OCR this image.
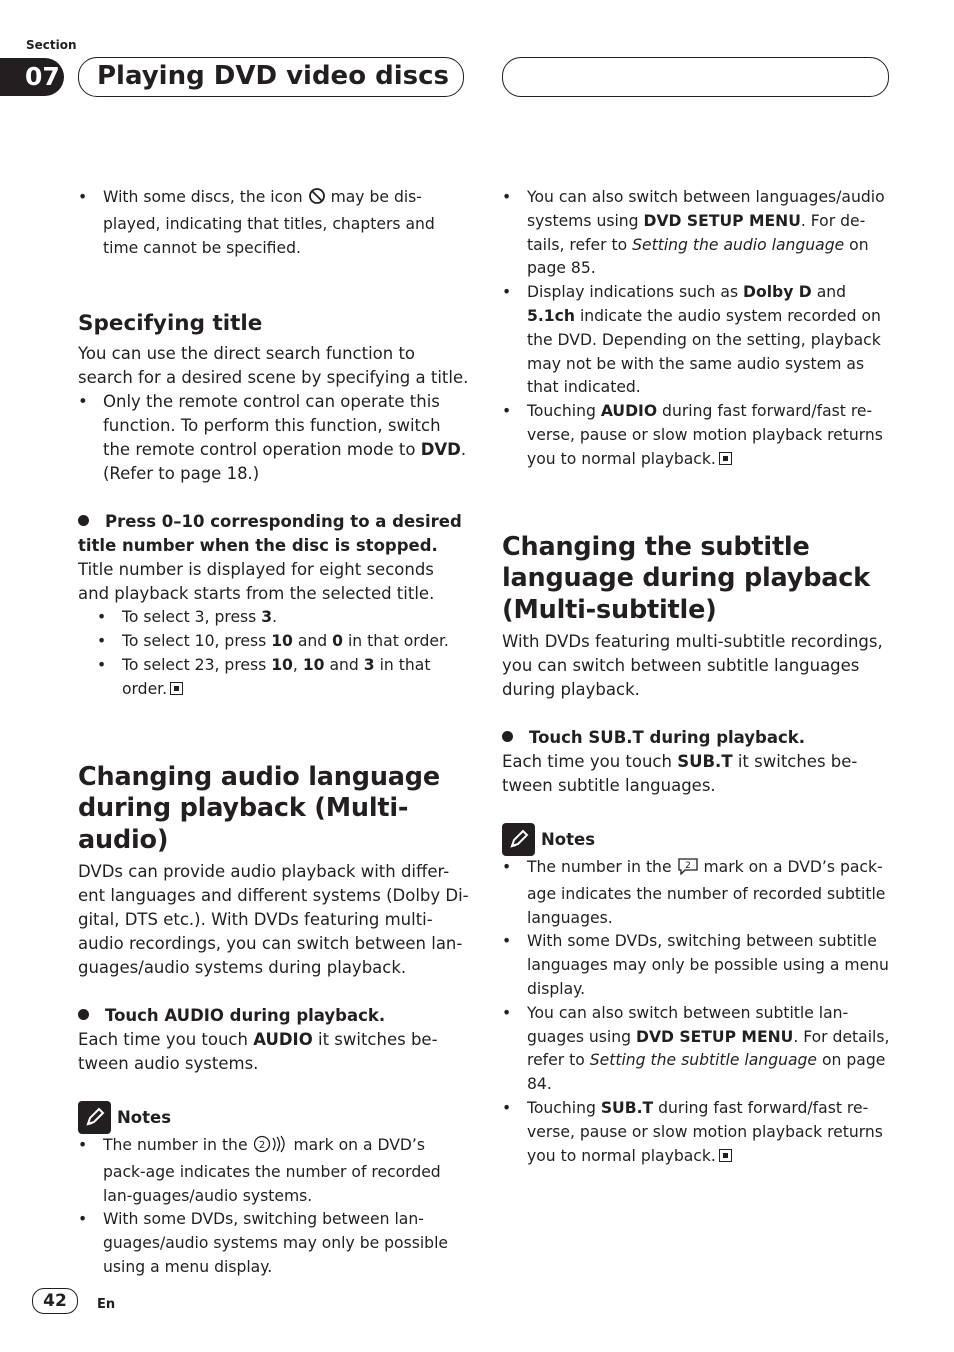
Section
07 Playing DVD video discs
• With some discs, the icon may be dis-played, indicating that titles, chapters and time cannot be specified.
Specifying title

You can use the direct search function to search for a desired scene by specifying a title.

• Only the remote control can operate this function. To perform this function, switch the remote control operation mode to DVD. (Refer to page 18.)
Press 0–10 corresponding to a desired title number when the disc is stopped.

Title number is displayed for eight seconds and playback starts from the selected title.

• To select 3, press 3.
• To select 10, press 10 and 0 in that order.
• To select 23, press 10, 10 and 3 in that order.
Changing audio language during playback (Multi-audio)

DVDs can provide audio playback with differ-ent languages and different systems (Dolby Di-gital, DTS etc.). With DVDs featuring multi-audio recordings, you can switch between lan-guages/audio systems during playback.

Touch AUDIO during playback.

Each time you touch AUDIO it switches be-tween audio systems.

Notes
• The number in the 2 mark on a DVD’s pack-age indicates the number of recorded lan-guages/audio systems.
• With some DVDs, switching between lan-guages/audio systems may only be possible using a menu display.
• You can also switch between languages/audio systems using DVD SETUP MENU. For de-tails, refer to Setting the audio language on page 85.
• Display indications such as Dolby D and 5.1ch indicate the audio system recorded on the DVD. Depending on the setting, playback may not be with the same audio system as that indicated.
• Touching AUDIO during fast forward/fast re-verse, pause or slow motion playback returns you to normal playback.
Changing the subtitle language during playback (Multi-subtitle)

With DVDs featuring multi-subtitle recordings, you can switch between subtitle languages during playback.

Touch SUB.T during playback.

Each time you touch SUB.T it switches be-tween subtitle languages.

Notes
• The number in the 2 mark on a DVD’s pack-age indicates the number of recorded subtitle languages.
• With some DVDs, switching between subtitle languages may only be possible using a menu display.
• You can also switch between subtitle lan-guages using DVD SETUP MENU. For details, refer to Setting the subtitle language on page 84.
• Touching SUB.T during fast forward/fast re-verse, pause or slow motion playback returns you to normal playback.
42	En
